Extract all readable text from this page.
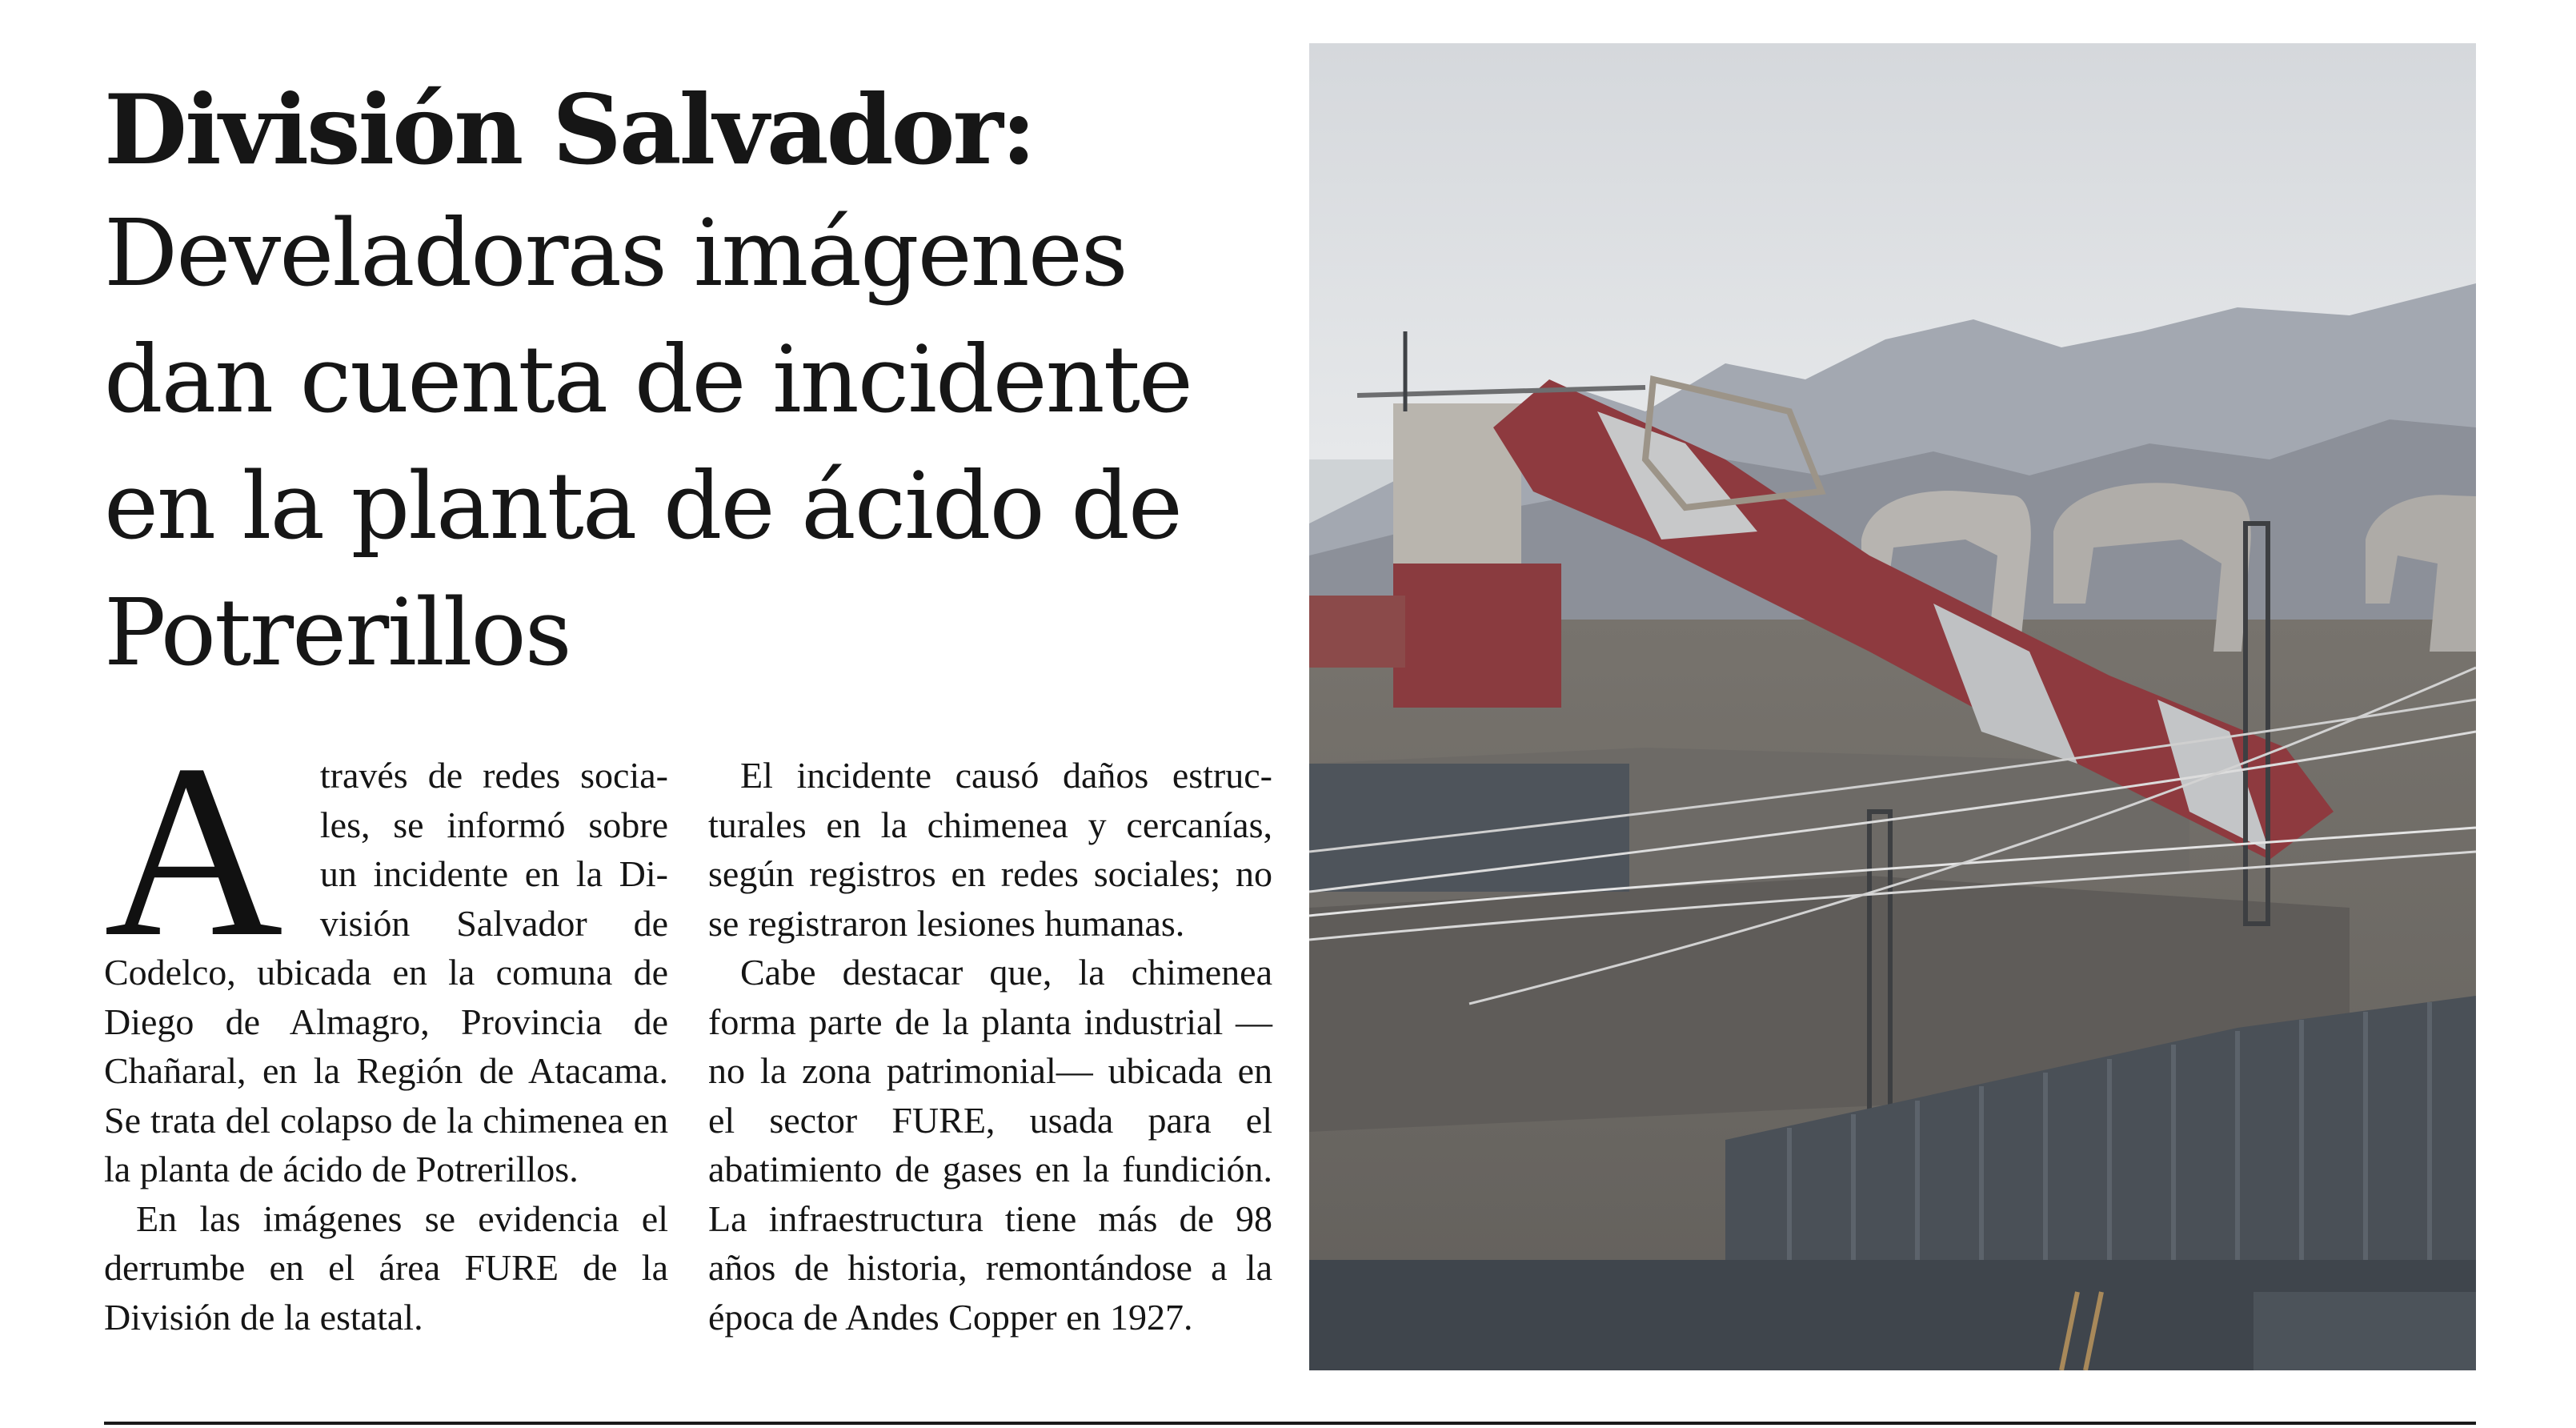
División Salvador:
Develadoras imágenes dan cuenta de incidente en la planta de ácido de Potrerillos
A	través de redes sociales, se informó sobre un incidente en la División Salvador de Codelco, ubicada en la comuna de Diego de Almagro, Provincia de Chañaral, en la Región de Atacama. Se trata del colapso de la chimenea en la planta de ácido de Potrerillos.

En las imágenes se evidencia el derrumbe en el área FURE de la División de la estatal.

El incidente causó daños estructurales en la chimenea y cercanías, según registros en redes sociales; no se registraron lesiones humanas.

Cabe destacar que, la chimenea forma parte de la planta industrial —no la zona patrimonial— ubicada en el sector FURE, usada para el abatimiento de gases en la fundición. La infraestructura tiene más de 98 años de historia, remontándose a la época de Andes Copper en 1927.
